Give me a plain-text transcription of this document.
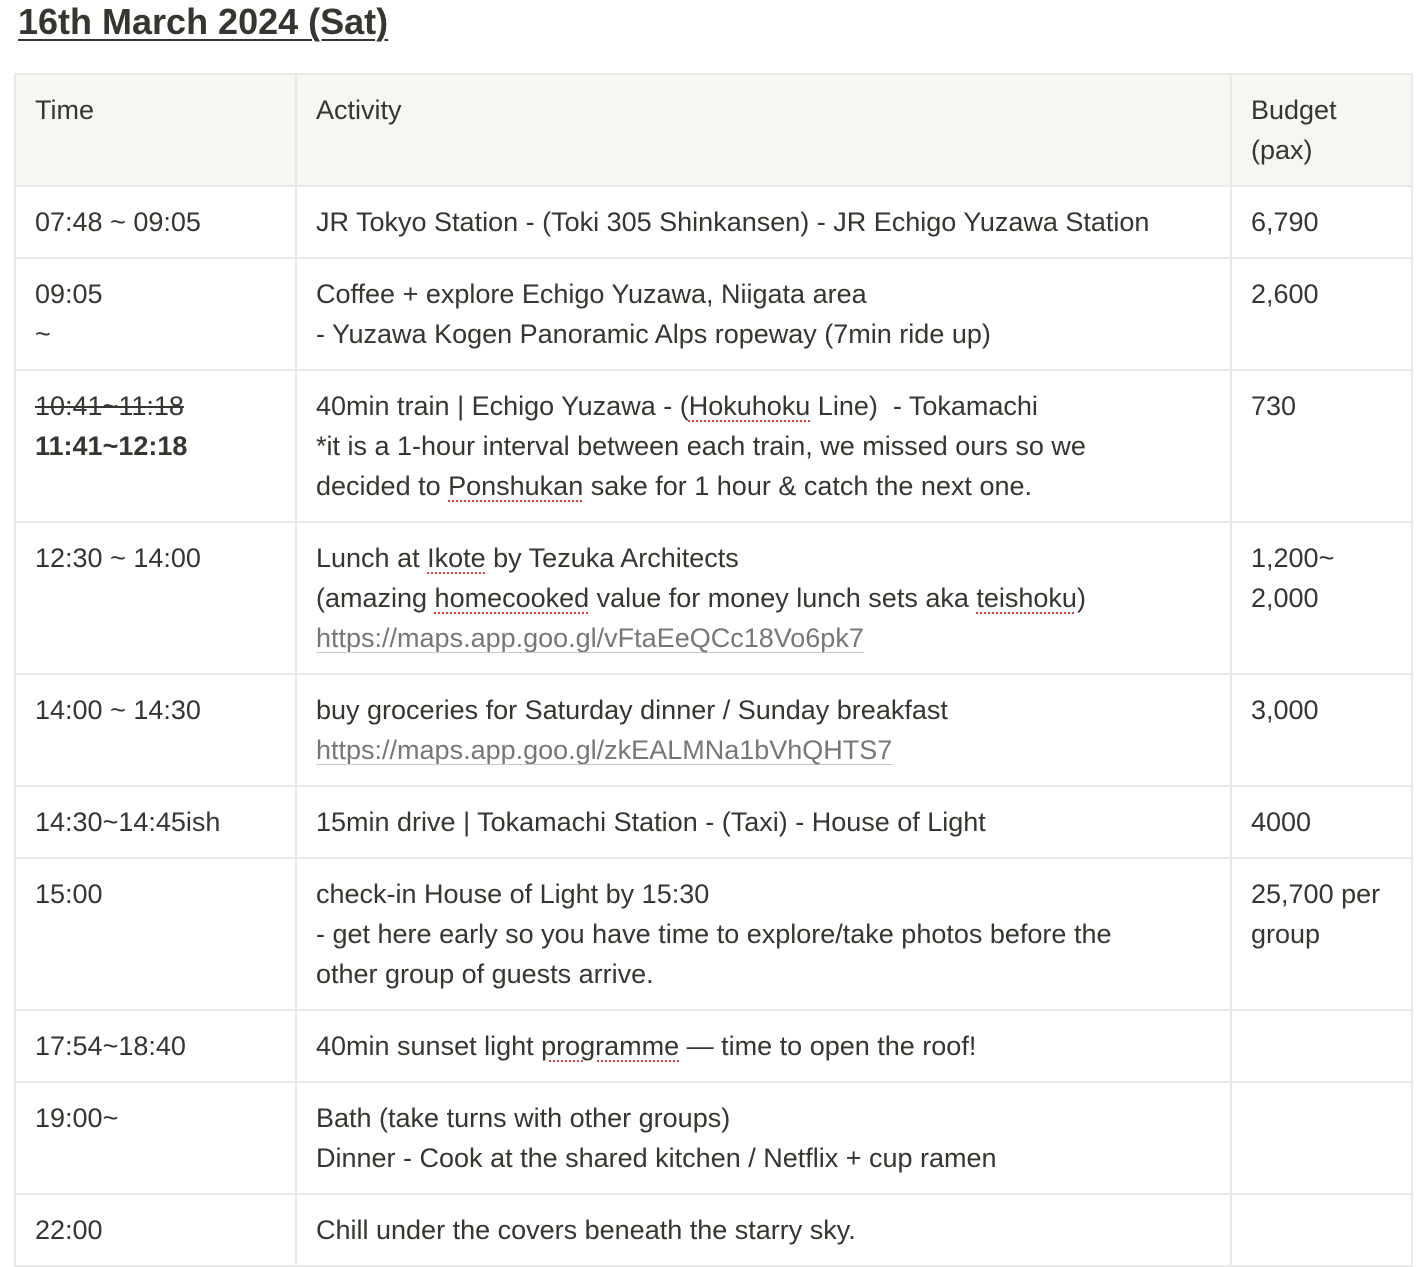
16th March 2024 (Sat)
Time	Activity	Budget
(pax)

07:48 ~ 09:05	JR Tokyo Station - (Toki 305 Shinkansen) - JR Echigo Yuzawa Station	6,790

09:05
~	Coffee + explore Echigo Yuzawa, Niigata area
- Yuzawa Kogen Panoramic Alps ropeway (7min ride up)	2,600

10:41~11:18
11:41~12:18	40min train | Echigo Yuzawa - (Hokuhoku Line)  - Tokamachi
*it is a 1-hour interval between each train, we missed ours so we
decided to Ponshukan sake for 1 hour & catch the next one.	730
12:30 ~ 14:00	Lunch at Ikote by Tezuka Architects
(amazing homecooked value for money lunch sets aka teishoku)
https://maps.app.goo.gl/vFtaEeQCc18Vo6pk7	1,200~
2,000

14:00 ~ 14:30	buy groceries for Saturday dinner / Sunday breakfast
https://maps.app.goo.gl/zkEALMNa1bVhQHTS7	3,000
14:30~14:45ish	15min drive | Tokamachi Station - (Taxi) - House of Light	4000
15:00	check-in House of Light by 15:30
- get here early so you have time to explore/take photos before the
other group of guests arrive.	25,700 per
group

17:54~18:40	40min sunset light programme — time to open the roof!	

19:00~	Bath (take turns with other groups)
Dinner - Cook at the shared kitchen / Netflix + cup ramen	

22:00	Chill under the covers beneath the starry sky.	
